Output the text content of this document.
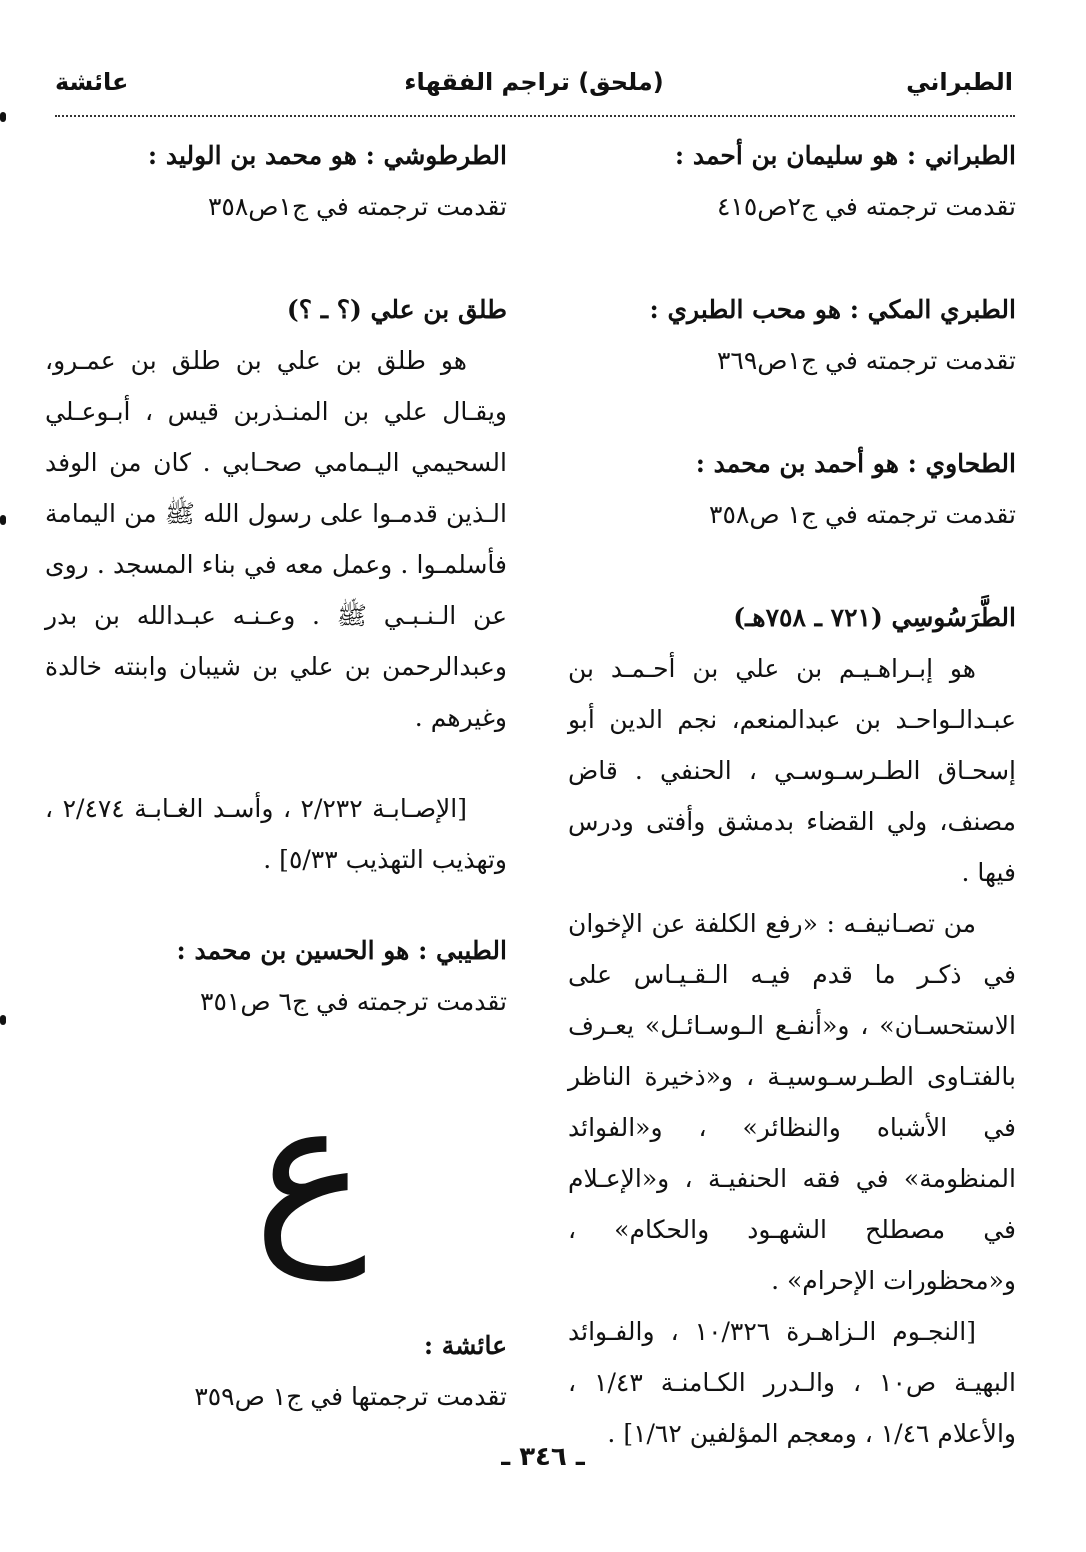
الطبراني
(ملحق) تراجم الفقهاء
عائشة

الطبراني : هو سليمان بن أحمد :

تقدمت ترجمته في ج٢ص٤١٥

الطبري المكي : هو محب الطبري :

تقدمت ترجمته في ج١ص٣٦٩

الطحاوي : هو أحمد بن محمد :

تقدمت ترجمته في ج١ ص٣٥٨

الطَّرَسُوسِي (٧٢١ ـ ٧٥٨هـ)

هو إبـراهـيـم بن علي بن أحـمـد بن عبـدالـواحـد بن عبدالمنعم، نجم الدين أبو إسحـاق الطـرسـوسـي ، الحنفي . قاض مصنف، ولي القضاء بدمشق وأفتى ودرس فيها .

من تصـانيفـه : «رفع الكلفة عن الإخوان في ذكـر ما قدم فيـه الـقـيـاس على الاستحسـان» ، و«أنفـع الـوسـائـل» يعـرف بالفتـاوى الطـرسـوسيـة ، و«ذخيرة الناظر في الأشباه والنظائر» ، و«الفوائد المنظومة» في فقه الحنفيـة ، و«الإعـلام في مصطلح الشهـود والحكام» ، و«محظورات الإحرام» .

[النجـوم الـزاهـرة ١٠/٣٢٦ ، والفـوائد البهيـة ص١٠ ، والـدرر الكـامنـة ١/٤٣ ، والأعلام ١/٤٦ ، ومعجم المؤلفين ١/٦٢] .

الطرطوشي : هو محمد بن الوليد :

تقدمت ترجمته في ج١ص٣٥٨

طلق بن علي (؟ ـ ؟)

هو طلق بن علي بن طلق بن عمـرو، ويقـال علي بن المنـذربن قيس ، أبـوعـلي السحيمي اليـمامي صحـابي . كان من الوفد الـذين قدمـوا على رسول الله ﷺ من اليمامة فأسلمـوا . وعمل معه في بناء المسجد . روى عن الـنـبـي ﷺ . وعـنـه عبـدالله بن بدر وعبدالرحمن بن علي بن شيبان وابنته خالدة وغيرهم .

[الإصـابـة ٢/٢٣٢ ، وأسـد الغـابـة ٢/٤٧٤ ، وتهذيب التهذيب ٥/٣٣] .

الطيبي : هو الحسين بن محمد :

تقدمت ترجمته في ج٦ ص٣٥١

ع

عائشة :

تقدمت ترجمتها في ج١ ص٣٥٩

ـ ٣٤٦ ـ
